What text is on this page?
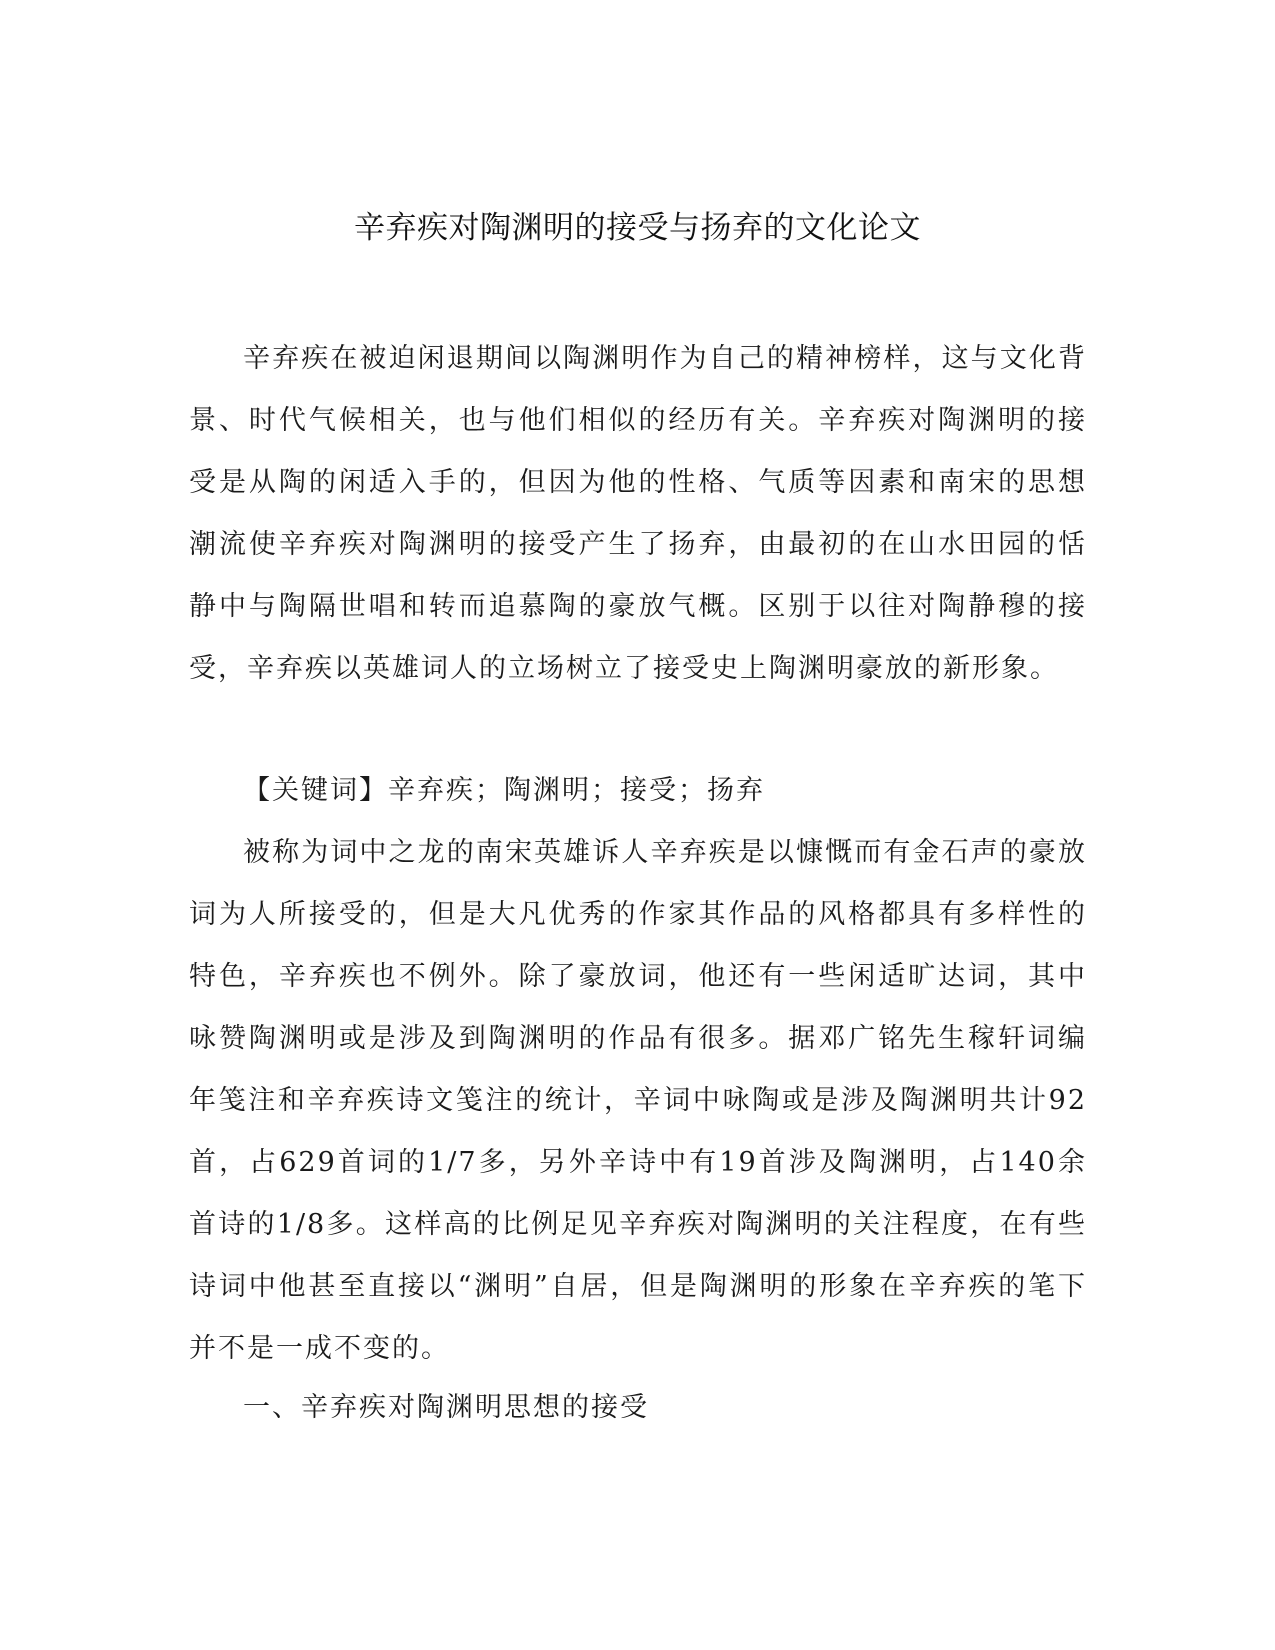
辛弃疾对陶渊明的接受与扬弃的文化论文

辛弃疾在被迫闲退期间以陶渊明作为自己的精神榜样，这与文化背景、时代气候相关，也与他们相似的经历有关。辛弃疾对陶渊明的接受是从陶的闲适入手的，但因为他的性格、气质等因素和南宋的思想潮流使辛弃疾对陶渊明的接受产生了扬弃，由最初的在山水田园的恬静中与陶隔世唱和转而追慕陶的豪放气概。区别于以往对陶静穆的接受，辛弃疾以英雄词人的立场树立了接受史上陶渊明豪放的新形象。

【关键词】辛弃疾；陶渊明；接受；扬弃

被称为词中之龙的南宋英雄诉人辛弃疾是以慷慨而有金石声的豪放词为人所接受的，但是大凡优秀的作家其作品的风格都具有多样性的特色，辛弃疾也不例外。除了豪放词，他还有一些闲适旷达词，其中咏赞陶渊明或是涉及到陶渊明的作品有很多。据邓广铭先生稼轩词编年笺注和辛弃疾诗文笺注的统计，辛词中咏陶或是涉及陶渊明共计92首，占629首词的1/7多，另外辛诗中有19首涉及陶渊明，占140余首诗的1/8多。这样高的比例足见辛弃疾对陶渊明的关注程度，在有些诗词中他甚至直接以“渊明”自居，但是陶渊明的形象在辛弃疾的笔下并不是一成不变的。

一、辛弃疾对陶渊明思想的接受
